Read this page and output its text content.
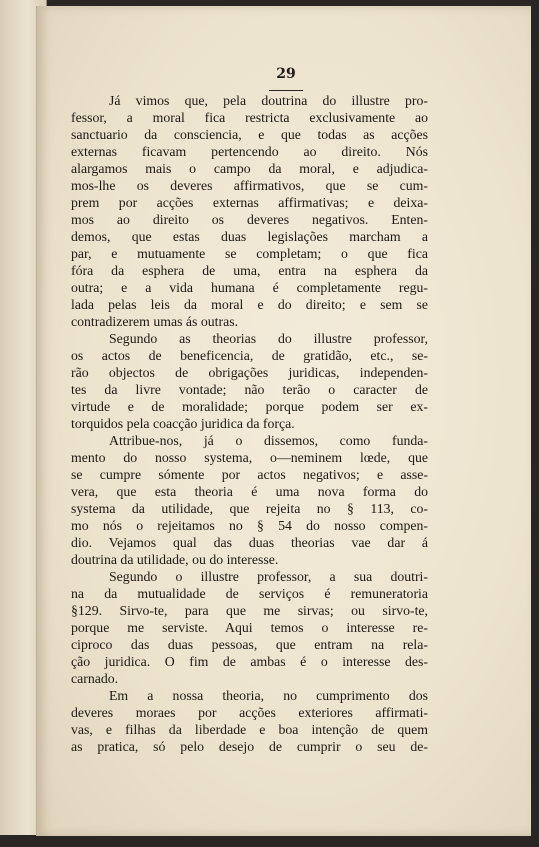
29
Já vimos que, pela doutrina do illustre pro-
fessor, a moral fica restricta exclusivamente ao
sanctuario da consciencia, e que todas as acções
externas ficavam pertencendo ao direito. Nós
alargamos mais o campo da moral, e adjudica-
mos-lhe os deveres affirmativos, que se cum-
prem por acções externas affirmativas; e deixa-
mos ao direito os deveres negativos. Enten-
demos, que estas duas legislações marcham a
par, e mutuamente se completam; o que fica
fóra da esphera de uma, entra na esphera da
outra; e a vida humana é completamente regu-
lada pelas leis da moral e do direito; e sem se
contradizerem umas ás outras.
Segundo as theorias do illustre professor,
os actos de beneficencia, de gratidão, etc., se-
rão objectos de obrigações juridicas, independen-
tes da livre vontade; não terão o caracter de
virtude e de moralidade; porque podem ser ex-
torquidos pela coacção juridica da força.
Attribue-nos, já o dissemos, como funda-
mento do nosso systema, o—neminem lœde, que
se cumpre sómente por actos negativos; e asse-
vera, que esta theoria é uma nova forma do
systema da utilidade, que rejeita no § 113, co-
mo nós o rejeitamos no § 54 do nosso compen-
dio. Vejamos qual das duas theorias vae dar á
doutrina da utilidade, ou do interesse.
Segundo o illustre professor, a sua doutri-
na da mutualidade de serviços é remuneratoria
§129. Sirvo-te, para que me sirvas; ou sirvo-te,
porque me serviste. Aqui temos o interesse re-
ciproco das duas pessoas, que entram na rela-
ção juridica. O fim de ambas é o interesse des-
carnado.
Em a nossa theoria, no cumprimento dos
deveres moraes por acções exteriores affirmati-
vas, e filhas da liberdade e boa intenção de quem
as pratica, só pelo desejo de cumprir o seu de-
